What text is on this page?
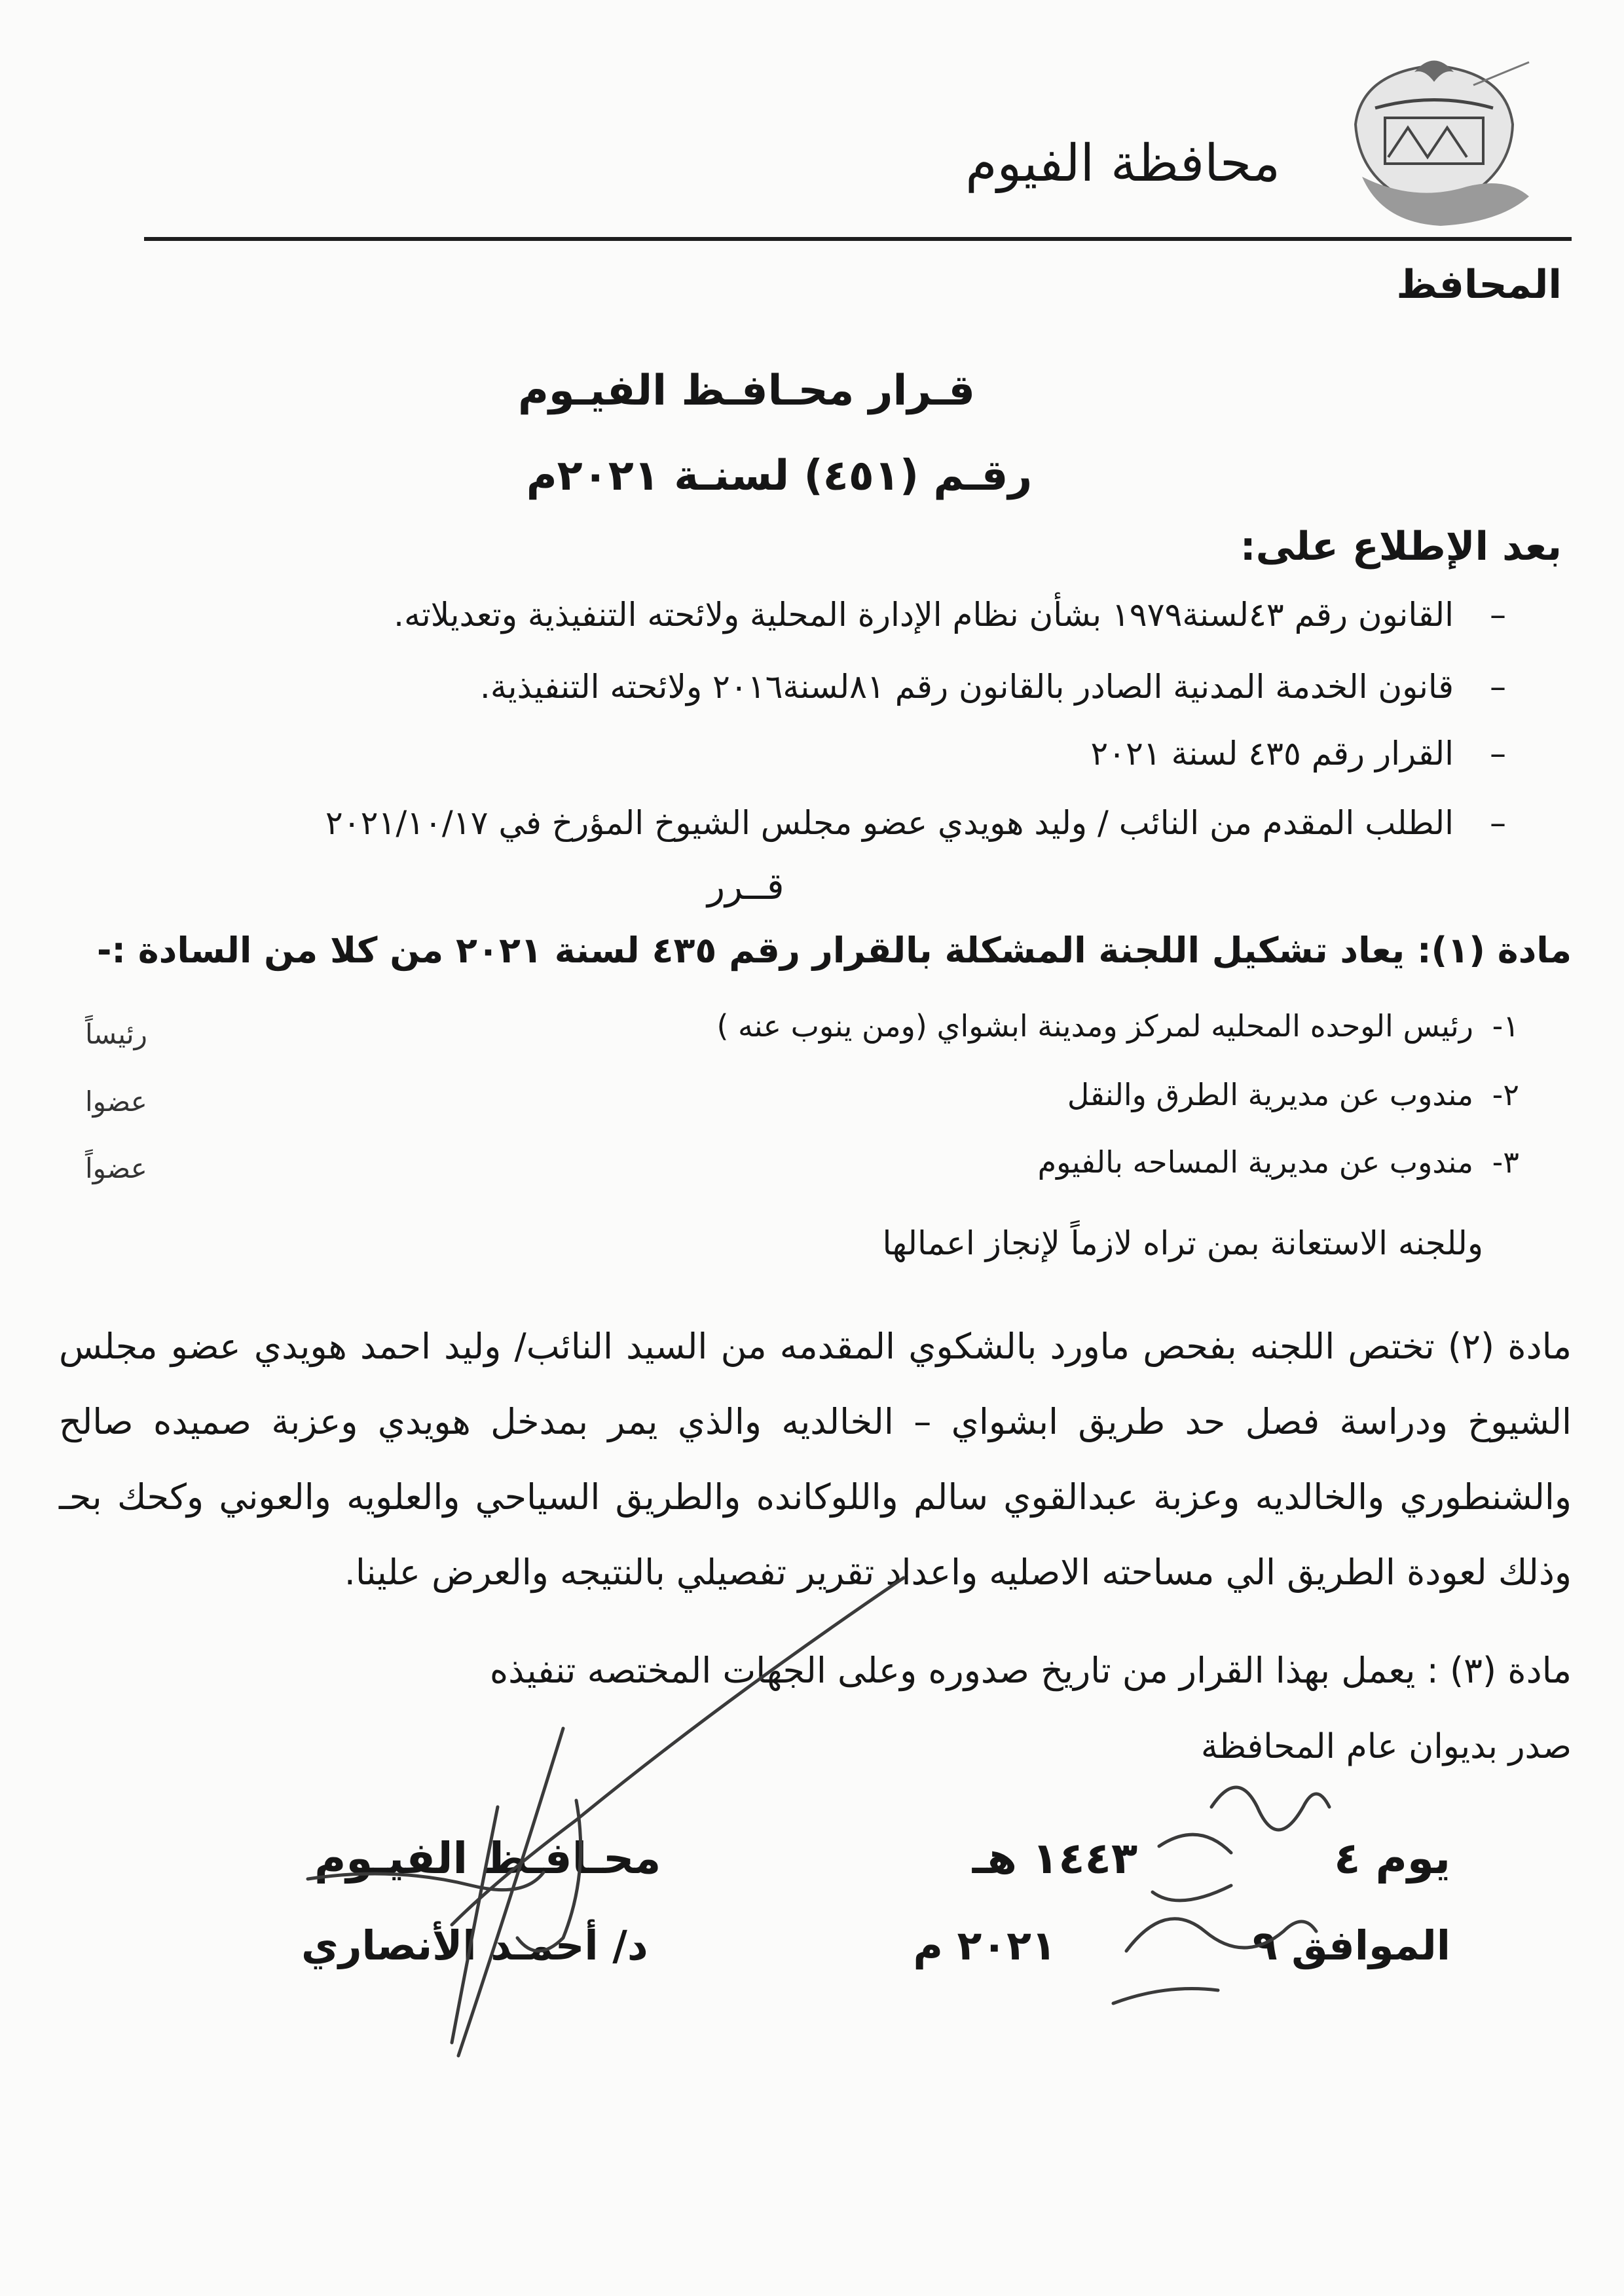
محافظة الفيوم
المحافظ
قـرار محـافـظ الفيـوم
رقـم (٤٥١) لسنـة ٢٠٢١م
بعد الإطلاع على:
–القانون رقم ٤٣لسنة١٩٧٩ بشأن نظام الإدارة المحلية ولائحته التنفيذية وتعديلاته.
–قانون الخدمة المدنية الصادر بالقانون رقم ٨١لسنة٢٠١٦ ولائحته التنفيذية.
–القرار رقم ٤٣٥ لسنة ٢٠٢١
–الطلب المقدم من النائب / وليد هويدي عضو مجلس الشيوخ المؤرخ في ٢٠٢١/١٠/١٧
قــرر
مادة (١): يعاد تشكيل اللجنة المشكلة بالقرار رقم ٤٣٥ لسنة ٢٠٢١ من كلا من السادة :-
١-رئيس الوحده المحليه لمركز ومدينة ابشواي (ومن ينوب عنه )
رئيساً
٢-مندوب عن مديرية الطرق والنقل
عضوا
٣-مندوب عن مديرية المساحه بالفيوم
عضواً
وللجنه الاستعانة بمن تراه لازماً لإنجاز اعمالها
مادة (٢) تختص اللجنه بفحص ماورد بالشكوي المقدمه من السيد النائب/ وليد احمد هويدي عضو مجلس
الشيوخ ودراسة فصل حد طريق ابشواي – الخالديه والذي يمر بمدخل هويدي وعزبة صميده صالح
والشنطوري والخالديه وعزبة عبدالقوي سالم واللوكانده والطريق السياحي والعلويه والعوني وكحك بحـ
وذلك لعودة الطريق الي مساحته الاصليه واعداد تقرير تفصيلي بالنتيجه والعرض علينا.
مادة (٣) : يعمل بهذا القرار من تاريخ صدوره وعلى الجهات المختصه تنفيذه
صدر بديوان عام المحافظة
يوم ٤١٤٤٣ هـ
الموافق ٩٢٠٢١ م
محـافـظ الفيـوم
د/ أحمـد الأنصاري
